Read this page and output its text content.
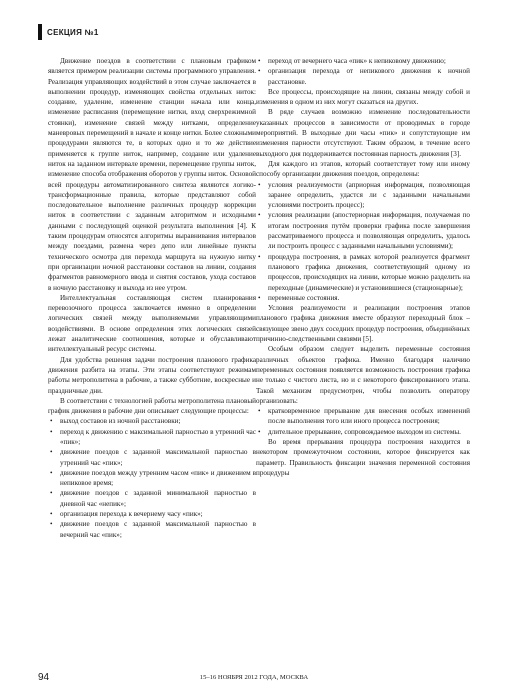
СЕКЦИЯ №1

Движение поездов в соответствии с плановым графиком является примером реализации системы программного управления. Реализация управляющих воздействий в этом случае заключается в выполнении процедур, изменяющих свойства отдельных ниток: создание, удаление, изменение станции начала или конца, изменение расписания (перемещение нитки, вход сверхрежимной стоянки), изменение связей между нитками, определение маневровых перемещений в начале и конце нитки. Более сложными процедурами являются те, в которых одно и то же действие применяется к группе ниток, например, создание или удаление ниток на заданном интервале времени, перемещение группы ниток, изменение способа отображения оборотов у группы ниток. Основой всей процедуры автоматизированного синтеза являются логико-трансформационные правила, которые представляют собой последовательное выполнение различных процедур коррекции ниток в соответствии с заданным алгоритмом и исходными данными с последующей оценкой результата выполнения [4]. К таким процедурам относятся алгоритмы выравнивания интервалов между поездами, размена через депо или линейные пункты технического осмотра для перехода маршрута на нужную нитку при организации ночной расстановки составов на линии, создания фрагментов равномерного ввода и снятия составов, ухода составов в ночную расстановку и выхода из нее утром.

Интеллектуальная составляющая систем планирования перевозочного процесса заключается именно в определении логических связей между выполняемыми управляющими воздействиями. В основе определения этих логических связей лежат аналитические соотношения, которые и обуславливают интеллектуальный ресурс системы.

Для удобства решения задачи построения планового графика движения разбита на этапы. Эти этапы соответствуют режимам работы метрополитена в рабочие, а также субботние, воскресные и праздничные дни.

В соответствии с технологией работы метрополитена плановый график движения в рабочие дни описывает следующие процессы:

• выход составов из ночной расстановки;
• переход к движению с максимальной парностью в утренний час «пик»;
• движение поездов с заданной максимальной парностью в утренний час «пик»;
• движение поездов между утренним часом «пик» и движением в непиковое время;
• движение поездов с заданной минимальной парностью в дневной час «непик»;
• организация перехода к вечернему часу «пик»;
• движение поездов с заданной максимальной парностью в вечерний час «пик»;
• переход от вечернего часа «пик» к непиковому движению;
• организация перехода от непикового движения к ночной расстановке.

Все процессы, происходящие на линии, связаны между собой и изменения в одном из них могут сказаться на других.

В ряде случаев возможно изменение последовательности указанных процессов в зависимости от проводимых в городе мероприятий. В выходные дни часы «пик» и сопутствующие им изменения парности отсутствуют. Таким образом, в течение всего выходного дня поддерживается постоянная парность движения [3].

Для каждого из этапов, который соответствует тому или иному способу организации движения поездов, определены:

• условия реализуемости (априорная информация, позволяющая заранее определить, удастся ли с заданными начальными условиями построить процесс);
• условия реализации (апостериорная информация, получаемая по итогам построения путём проверки графика после завершения рассматриваемого процесса и позволяющая определить, удалось ли построить процесс с заданными начальными условиями);
• процедура построения, в рамках которой реализуется фрагмент планового графика движения, соответствующий одному из процессов, происходящих на линии, которые можно разделить на переходные (динамические) и установившиеся (стационарные);
• переменные состояния.

Условия реализуемости и реализации построения этапов планового графика движения вместе образуют переходный блок – связующее звено двух соседних процедур построения, объединённых причинно-следственными связями [5].

Особым образом следует выделить переменные состояния различных объектов графика. Именно благодаря наличию переменных состояния появляется возможность построения графика не только с чистого листа, но и с некоторого фиксированного этапа. Такой механизм предусмотрен, чтобы позволить оператору организовать:

• кратковременное прерывание для внесения особых изменений после выполнения того или иного процесса построения;
• длительное прерывание, сопровождаемое выходом из системы.

Во время прерывания процедура построения находится в некотором промежуточном состоянии, которое фиксируется как параметр. Правильность фиксации значения переменной состояния процедуры

94	15–16 НОЯБРЯ 2012 ГОДА, МОСКВА
